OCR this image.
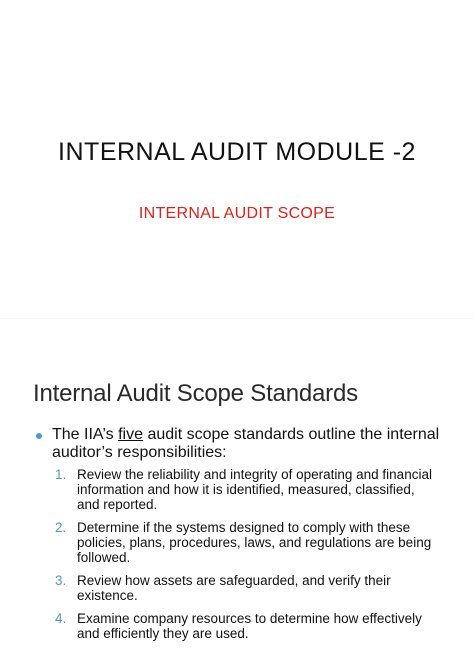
INTERNAL AUDIT MODULE -2
INTERNAL AUDIT SCOPE
Internal Audit Scope Standards
The IIA’s five audit scope standards outline the internal auditor’s responsibilities:
1. Review the reliability and integrity of operating and financial information and how it is identified, measured, classified, and reported.
2. Determine if the systems designed to comply with these policies, plans, procedures, laws, and regulations are being followed.
3. Review how assets are safeguarded, and verify their existence.
4. Examine company resources to determine how effectively and efficiently they are used.
